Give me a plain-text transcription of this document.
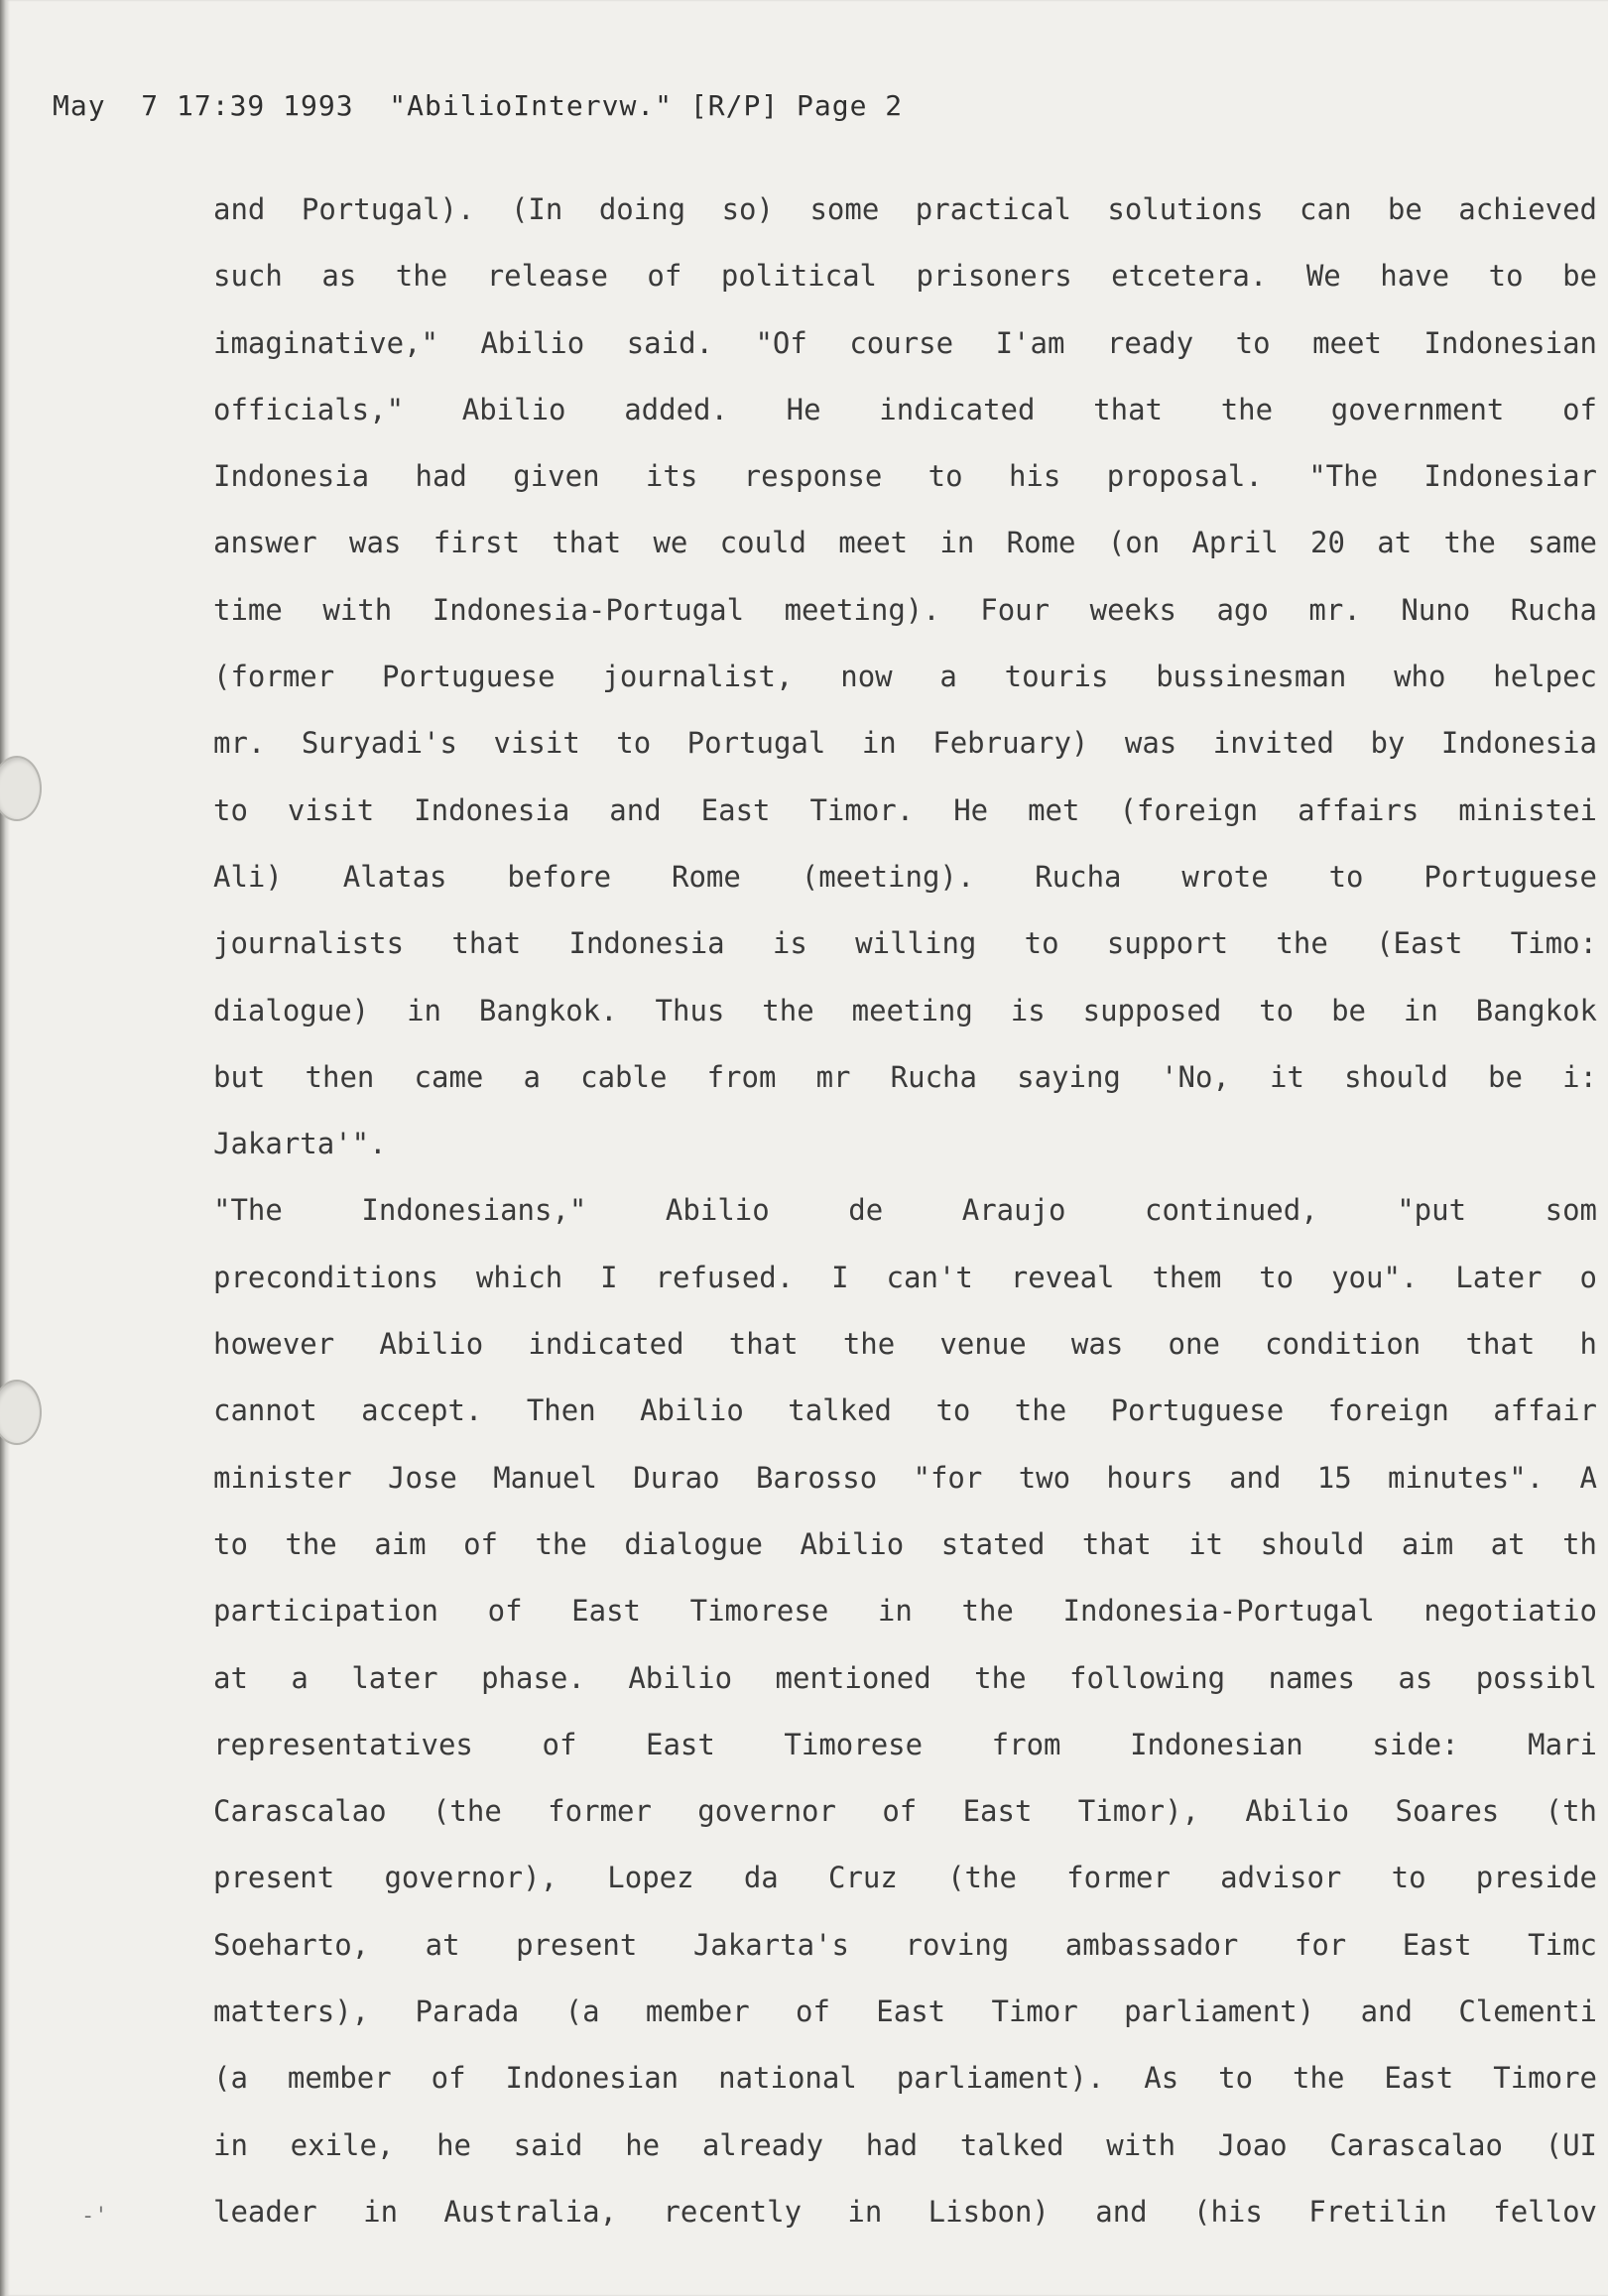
May  7 17:39 1993  "AbilioIntervw." [R/P] Page 2
and Portugal). (In doing so) some practical solutions can be achieved
such as the release of political prisoners etcetera. We have to be
imaginative," Abilio said. "Of course I'am ready to meet Indonesian
officials," Abilio added. He indicated that the government of
Indonesia had given its response to his proposal. "The Indonesiar
answer was first that we could meet in Rome (on April 20 at the same
time with Indonesia-Portugal meeting). Four weeks ago mr. Nuno Rucha
(former Portuguese journalist, now a touris bussinesman who helpec
mr. Suryadi's visit to Portugal in February) was invited by Indonesia
to visit Indonesia and East Timor. He met (foreign affairs ministei
Ali) Alatas before Rome (meeting). Rucha wrote to Portuguese
journalists that Indonesia is willing to support the (East Timo:
dialogue) in Bangkok. Thus the meeting is supposed to be in Bangkok
but then came a cable from mr Rucha saying 'No, it should be i:
Jakarta'".
"The Indonesians," Abilio de Araujo continued, "put som
preconditions which I refused. I can't reveal them to you". Later o
however Abilio indicated that the venue was one condition that h
cannot accept. Then Abilio talked to the Portuguese foreign affair
minister Jose Manuel Durao Barosso "for two hours and 15 minutes". A
to the aim of the dialogue Abilio stated that it should aim at th
participation of East Timorese in the Indonesia-Portugal negotiatio
at a later phase. Abilio mentioned the following names as possibl
representatives of East Timorese from Indonesian side: Mari
Carascalao (the former governor of East Timor), Abilio Soares (th
present governor), Lopez da Cruz (the former advisor to preside
Soeharto, at present Jakarta's roving ambassador for East Timc
matters), Parada (a member of East Timor parliament) and Clementi
(a member of Indonesian national parliament). As to the East Timore
in exile, he said he already had talked with Joao Carascalao (UI
leader in Australia, recently in Lisbon) and (his Fretilin fellov
-'
